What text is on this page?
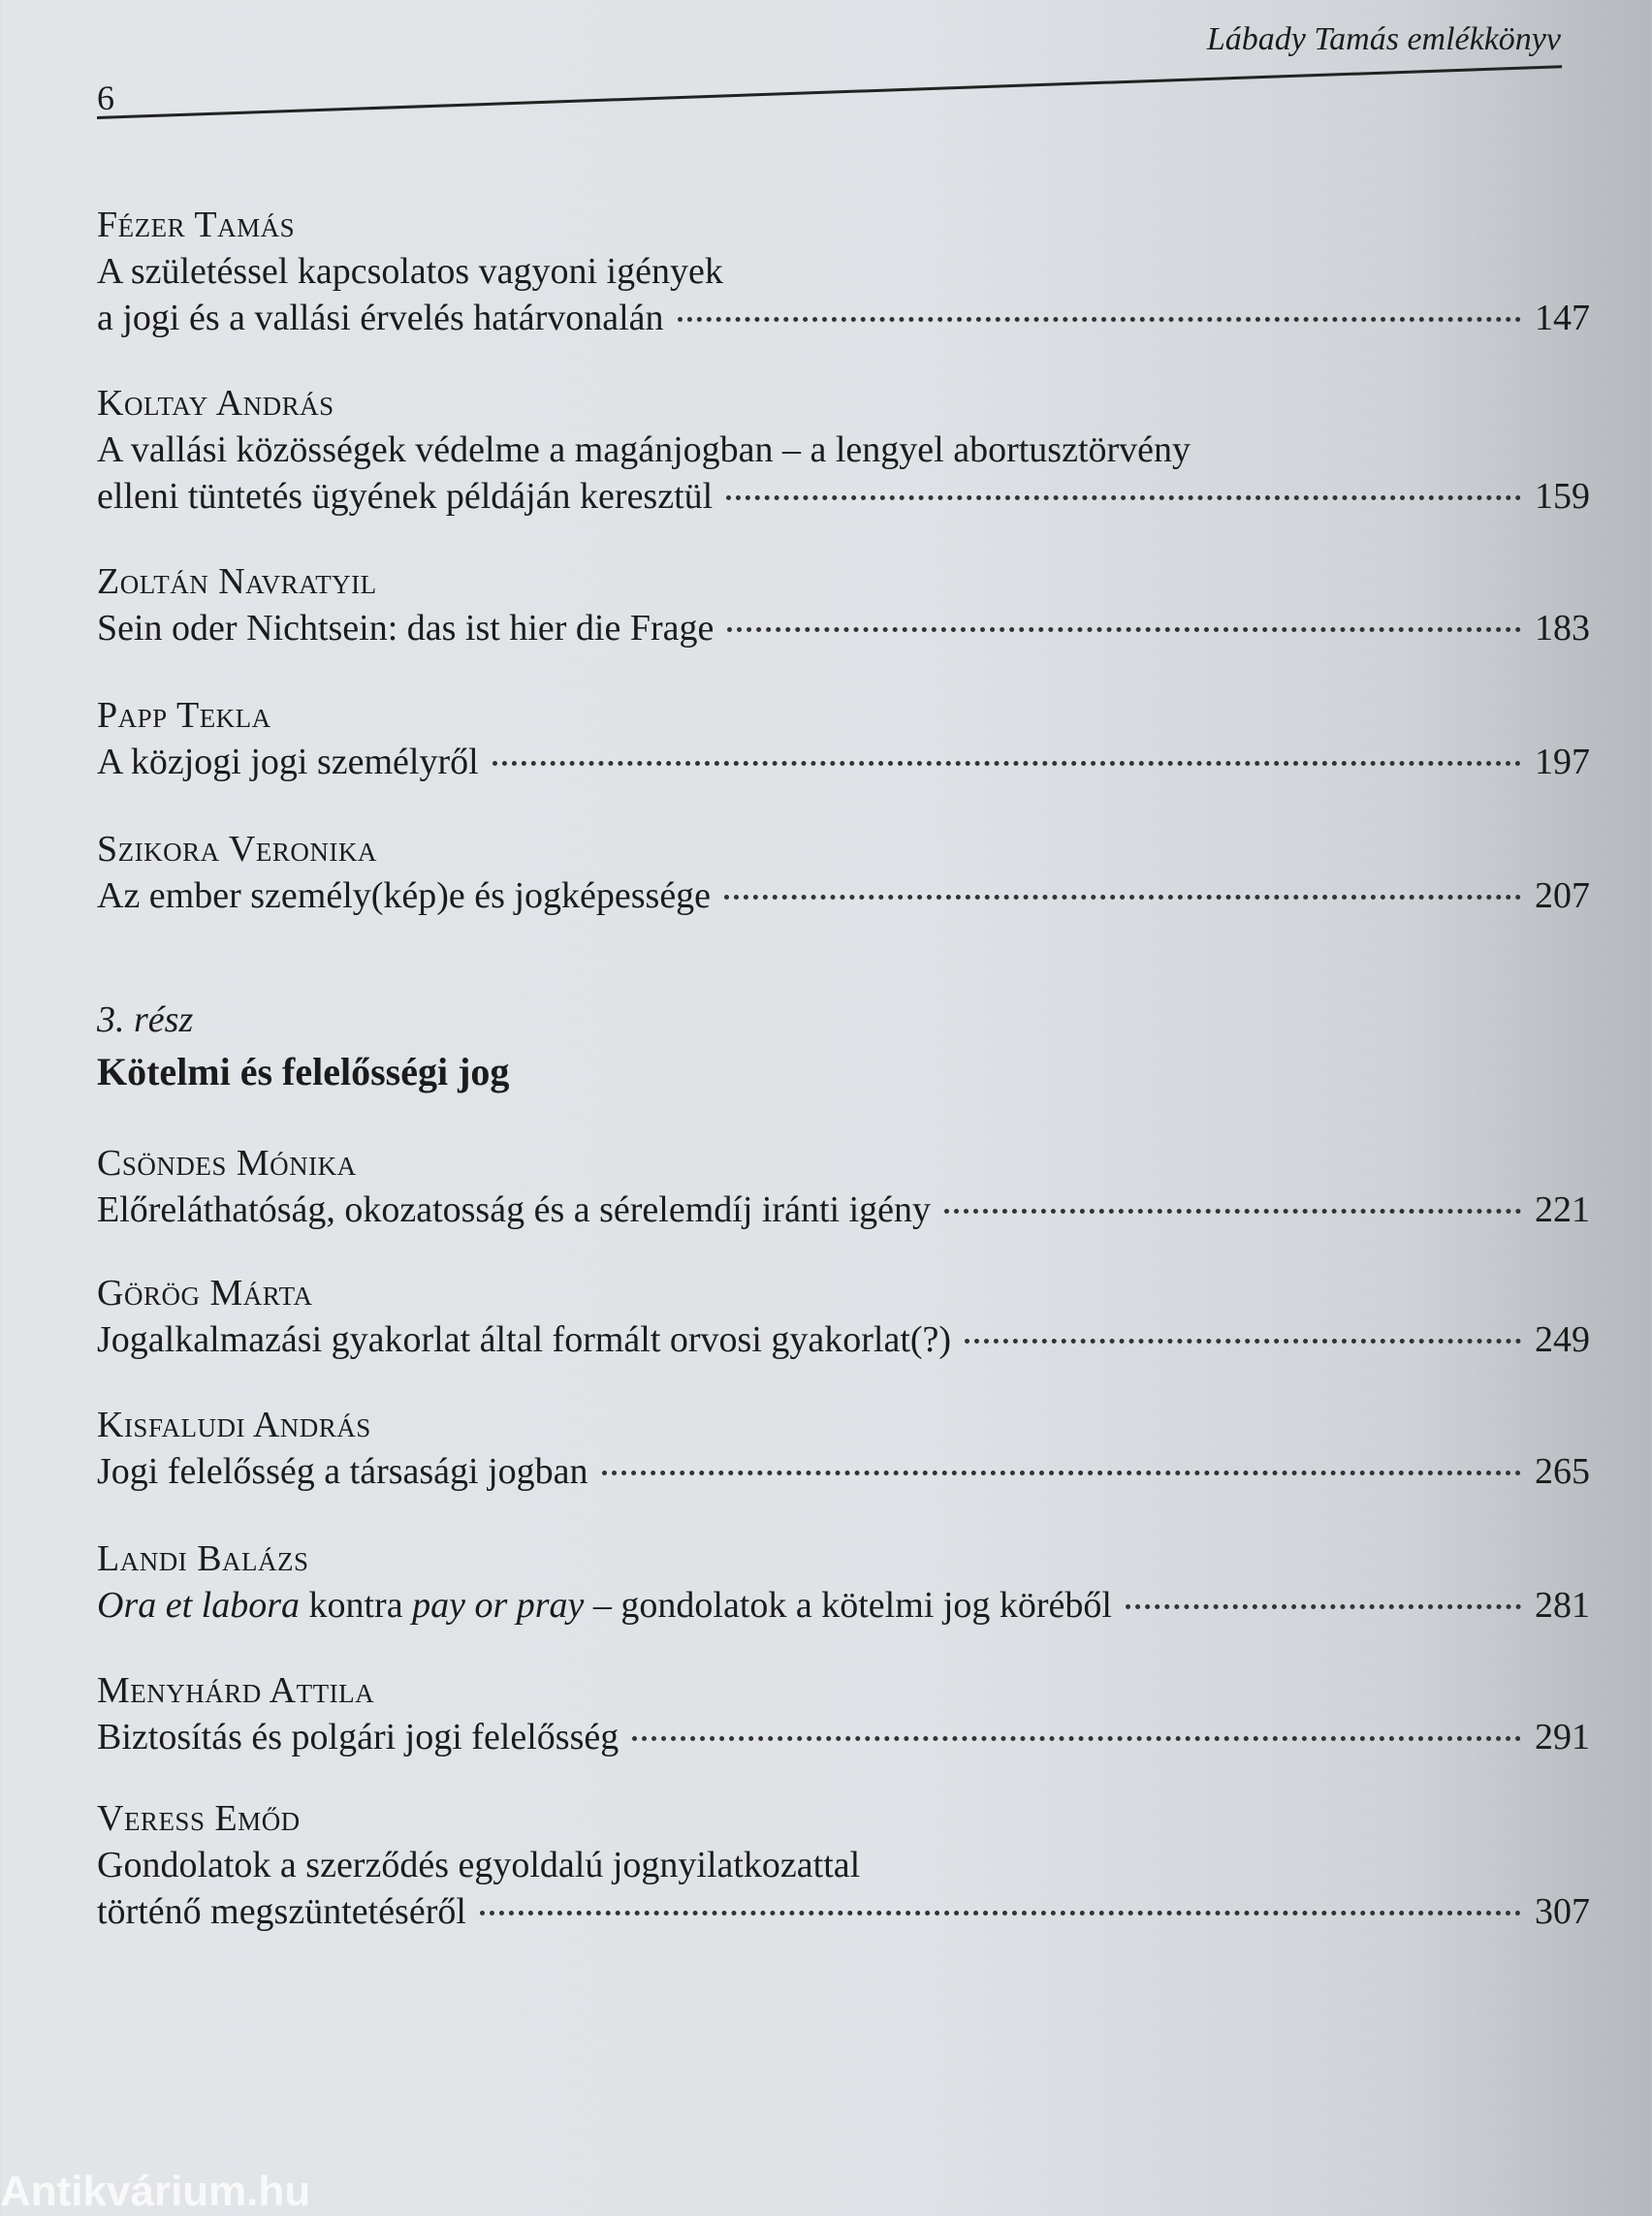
Lábady Tamás emlékkönyv
6
Fézer Tamás
A születéssel kapcsolatos vagyoni igények
a jogi és a vallási érvelés határvonalán	147
Koltay András
A vallási közösségek védelme a magánjogban – a lengyel abortusztörvény
elleni tüntetés ügyének példáján keresztül	159
Zoltán Navratyil
Sein oder Nichtsein: das ist hier die Frage	183
Papp Tekla
A közjogi jogi személyről	197
Szikora Veronika
Az ember személy(kép)e és jogképessége	207
3. rész
Kötelmi és felelősségi jog
Csöndes Mónika
Előreláthatóság, okozatosság és a sérelemdíj iránti igény	221
Görög Márta
Jogalkalmazási gyakorlat által formált orvosi gyakorlat(?)	249
Kisfaludi András
Jogi felelősség a társasági jogban	265
Landi Balázs
Ora et labora kontra pay or pray – gondolatok a kötelmi jog köréből	281
Menyhárd Attila
Biztosítás és polgári jogi felelősség	291
Veress Emőd
Gondolatok a szerződés egyoldalú jognyilatkozattal
történő megszüntetéséről	307
Antikvárium.hu
